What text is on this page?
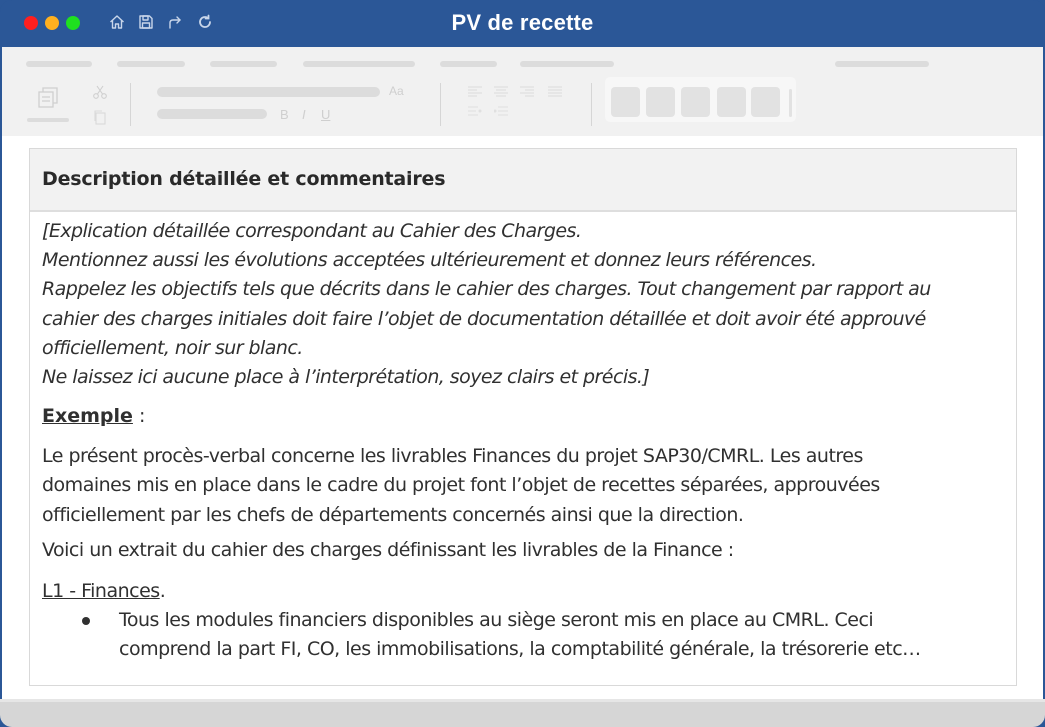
PV de recette
Aa
B I U
Description détaillée et commentaires
[Explication détaillée correspondant au Cahier des Charges.
Mentionnez aussi les évolutions acceptées ultérieurement et donnez leurs références.
Rappelez les objectifs tels que décrits dans le cahier des charges. Tout changement par rapport au
cahier des charges initiales doit faire l’objet de documentation détaillée et doit avoir été approuvé
officiellement, noir sur blanc.
Ne laissez ici aucune place à l’interprétation, soyez clairs et précis.]
Exemple :
Le présent procès-verbal concerne les livrables Finances du projet SAP30/CMRL. Les autres
domaines mis en place dans le cadre du projet font l’objet de recettes séparées, approuvées
officiellement par les chefs de départements concernés ainsi que la direction.
Voici un extrait du cahier des charges définissant les livrables de la Finance :
L1 - Finances.
Tous les modules financiers disponibles au siège seront mis en place au CMRL. Ceci
comprend la part FI, CO, les immobilisations, la comptabilité générale, la trésorerie etc…
